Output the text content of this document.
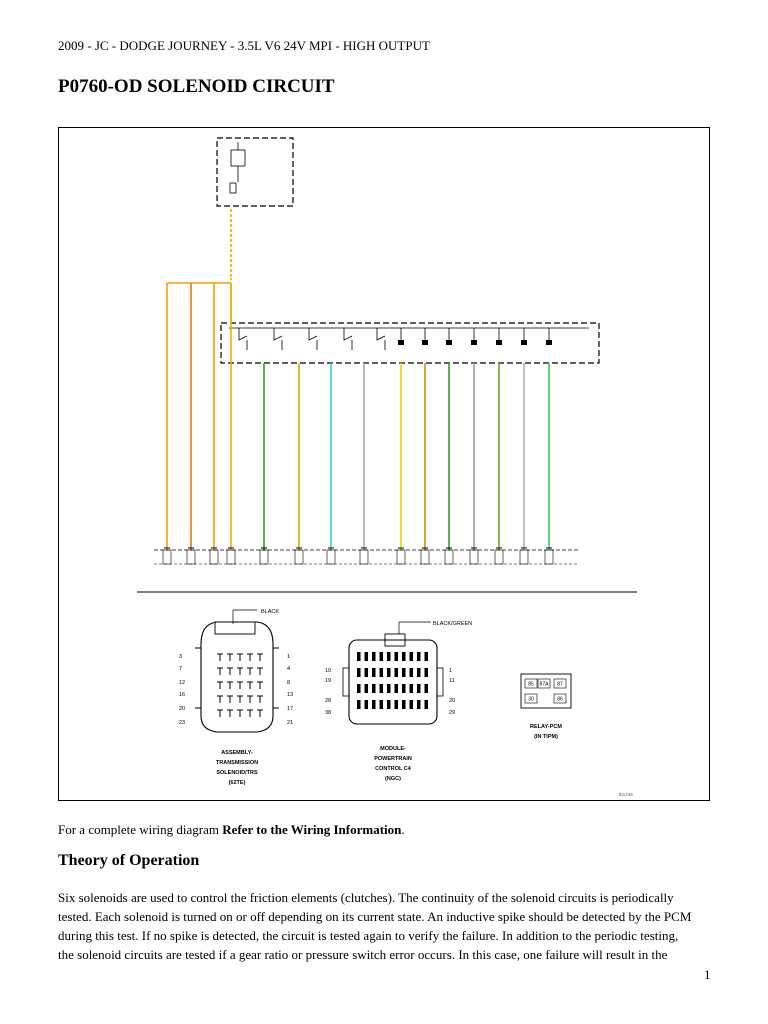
2009 - JC - DODGE JOURNEY - 3.5L V6 24V MPI - HIGH OUTPUT
P0760-OD SOLENOID CIRCUIT
BLACK
3
7
12
16
20
23
1
4
8
13
17
21
ASSEMBLY-
TRANSMISSION
SOLENOID/TRS
(62TE)
BLACK/GREEN
10
19
28
38
1
11
20
29
MODULE-
POWERTRAIN
CONTROL C4
(NGC)
85 87A 87
30	86
RELAY-PCM
(IN TIPM)
tb1234
For a complete wiring diagram Refer to the Wiring Information.
Theory of Operation
Six solenoids are used to control the friction elements (clutches). The continuity of the solenoid circuits is periodically
tested. Each solenoid is turned on or off depending on its current state. An inductive spike should be detected by the PCM
during this test. If no spike is detected, the circuit is tested again to verify the failure. In addition to the periodic testing,
the solenoid circuits are tested if a gear ratio or pressure switch error occurs. In this case, one failure will result in the
1
